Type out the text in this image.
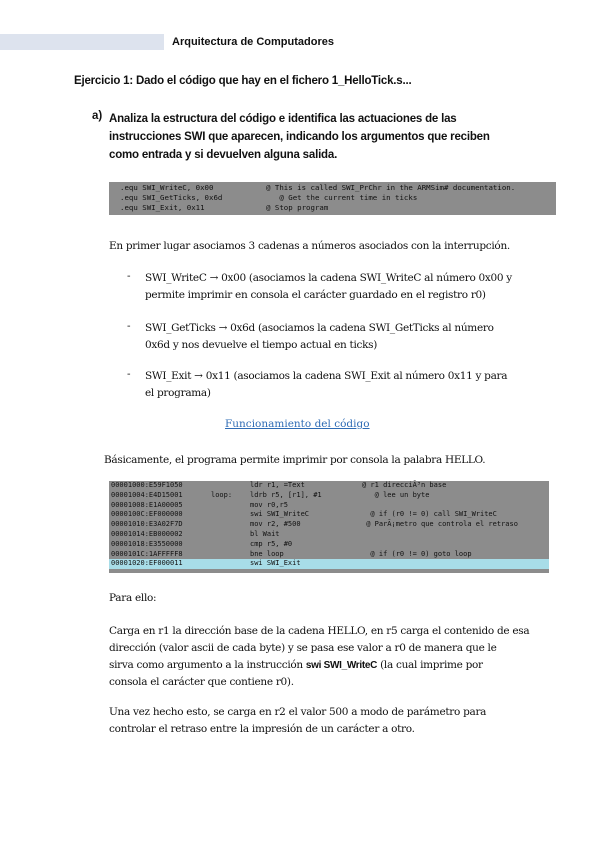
Arquitectura de Computadores
Ejercicio 1: Dado el código que hay en el fichero 1_HelloTick.s...
a) Analiza la estructura del código e identifica las actuaciones de las
instrucciones SWI que aparecen, indicando los argumentos que reciben
como entrada y si devuelven alguna salida.
.equ SWI_WriteC, 0x00	@ This is called SWI_PrChr in the ARMSim# documentation.
.equ SWI_GetTicks, 0x6d	@ Get the current time in ticks
.equ SWI_Exit, 0x11	@ Stop program
En primer lugar asociamos 3 cadenas a números asociados con la interrupción.
- SWI_WriteC → 0x00 (asociamos la cadena SWI_WriteC al número 0x00 y
permite imprimir en consola el carácter guardado en el registro r0)
- SWI_GetTicks → 0x6d (asociamos la cadena SWI_GetTicks al número
0x6d y nos devuelve el tiempo actual en ticks)
- SWI_Exit → 0x11 (asociamos la cadena SWI_Exit al número 0x11 y para
el programa)
Funcionamiento del código
Básicamente, el programa permite imprimir por consola la palabra HELLO.
00001000:E59F1050	ldr r1, =Text	@ r1 direcciÃ³n base
00001004:E4D15001	loop:	ldrb r5, [r1], #1	@ lee un byte
00001008:E1A00005	mov r0,r5
0000100C:EF000000	swi SWI_WriteC	@ if (r0 != 0) call SWI_WriteC
00001010:E3A02F7D	mov r2, #500	@ ParÃ¡metro que controla el retraso
00001014:EB000002	bl Wait
00001018:E3550000	cmp r5, #0
0000101C:1AFFFFF8	bne loop	@ if (r0 != 0) goto loop
00001020:EF000011	swi SWI_Exit
Para ello:
Carga en r1 la dirección base de la cadena HELLO, en r5 carga el contenido de esa
dirección (valor ascii de cada byte) y se pasa ese valor a r0 de manera que le
sirva como argumento a la instrucción swi SWI_WriteC (la cual imprime por
consola el carácter que contiene r0).
Una vez hecho esto, se carga en r2 el valor 500 a modo de parámetro para
controlar el retraso entre la impresión de un carácter a otro.
